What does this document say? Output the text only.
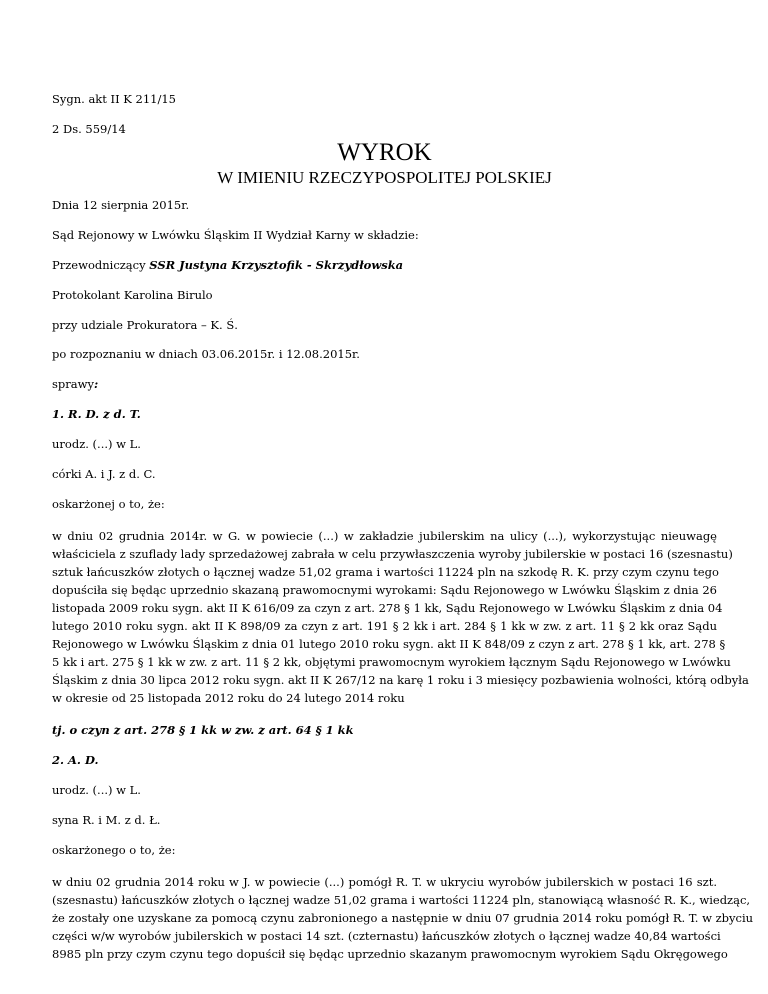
Sygn. akt II K 211/15
2 Ds. 559/14
WYROK
W IMIENIU RZECZYPOSPOLITEJ POLSKIEJ
Dnia 12 sierpnia 2015r.
Sąd Rejonowy w Lwówku Śląskim II Wydział Karny w składzie:
Przewodniczący SSR Justyna Krzysztofik - Skrzydłowska
Protokolant Karolina Birulo
przy udziale Prokuratora – K. Ś.
po rozpoznaniu w dniach 03.06.2015r. i 12.08.2015r.
sprawy:
1. R. D. z d. T.
urodz. (...) w L.
córki A. i J. z d. C.
oskarżonej o to, że:
w dniu 02 grudnia 2014r. w G. w powiecie (...) w zakładzie jubilerskim na ulicy (...), wykorzystując nieuwagę
właściciela z szuflady lady sprzedażowej zabrała w celu przywłaszczenia wyroby jubilerskie w postaci 16 (szesnastu)
sztuk łańcuszków złotych o łącznej wadze 51,02 grama i wartości 11224 pln na szkodę R. K. przy czym czynu tego
dopuściła się będąc uprzednio skazaną prawomocnymi wyrokami: Sądu Rejonowego w Lwówku Śląskim z dnia 26
listopada 2009 roku sygn. akt II K 616/09 za czyn z art. 278 § 1 kk, Sądu Rejonowego w Lwówku Śląskim z dnia 04
lutego 2010 roku sygn. akt II K 898/09 za czyn z art. 191 § 2 kk i art. 284 § 1 kk w zw. z art. 11 § 2 kk oraz Sądu
Rejonowego w Lwówku Śląskim z dnia 01 lutego 2010 roku sygn. akt II K 848/09 z czyn z art. 278 § 1 kk, art. 278 §
5 kk i art. 275 § 1 kk w zw. z art. 11 § 2 kk, objętymi prawomocnym wyrokiem łącznym Sądu Rejonowego w Lwówku
Śląskim z dnia 30 lipca 2012 roku sygn. akt II K 267/12 na karę 1 roku i 3 miesięcy pozbawienia wolności, którą odbyła
w okresie od 25 listopada 2012 roku do 24 lutego 2014 roku
tj. o czyn z art. 278 § 1 kk w zw. z art. 64 § 1 kk
2. A. D.
urodz. (...) w L.
syna R. i M. z d. Ł.
oskarżonego o to, że:
w dniu 02 grudnia 2014 roku w J. w powiecie (...) pomógł R. T. w ukryciu wyrobów jubilerskich w postaci 16 szt.
(szesnastu) łańcuszków złotych o łącznej wadze 51,02 grama i wartości 11224 pln, stanowiącą własność R. K., wiedząc,
że zostały one uzyskane za pomocą czynu zabronionego a następnie w dniu 07 grudnia 2014 roku pomógł R. T. w zbyciu
części w/w wyrobów jubilerskich w postaci 14 szt. (czternastu) łańcuszków złotych o łącznej wadze 40,84 wartości
8985 pln przy czym czynu tego dopuścił się będąc uprzednio skazanym prawomocnym wyrokiem Sądu Okręgowego
